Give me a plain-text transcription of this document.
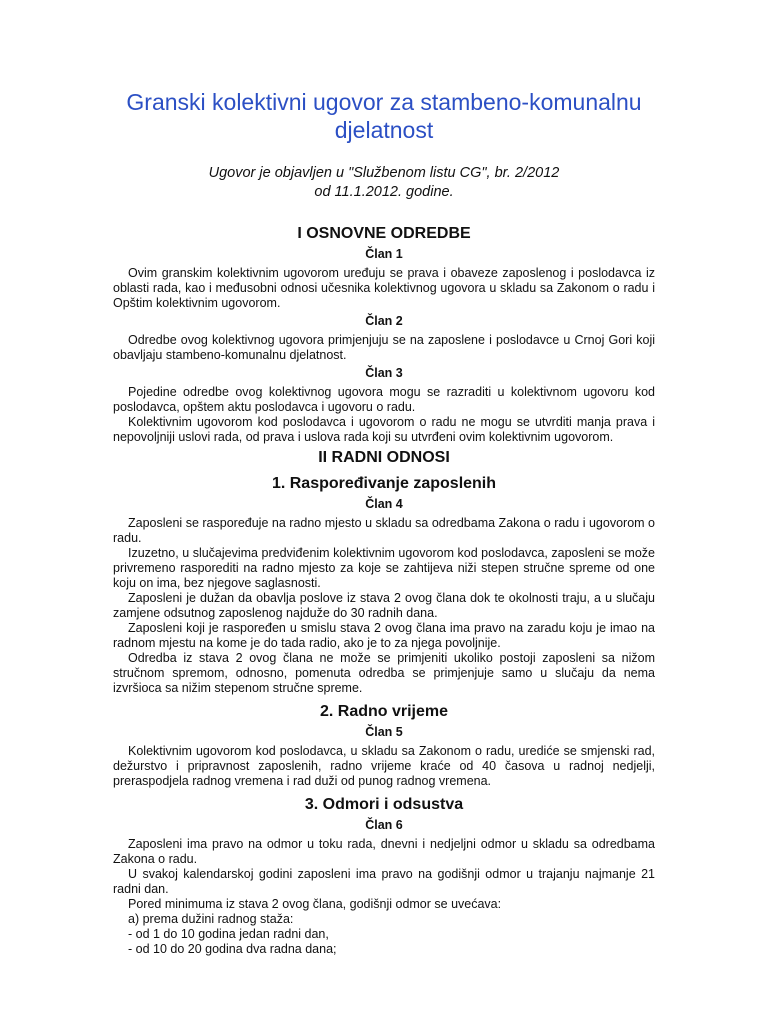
Granski kolektivni ugovor za stambeno-komunalnu djelatnost
Ugovor je objavljen u "Službenom listu CG", br. 2/2012
od 11.1.2012. godine.
I OSNOVNE ODREDBE
Član 1

Ovim granskim kolektivnim ugovorom uređuju se prava i obaveze zaposlenog i poslodavca iz oblasti rada, kao i međusobni odnosi učesnika kolektivnog ugovora u skladu sa Zakonom o radu i Opštim kolektivnim ugovorom.

Član 2

Odredbe ovog kolektivnog ugovora primjenjuju se na zaposlene i poslodavce u Crnoj Gori koji obavljaju stambeno-komunalnu djelatnost.

Član 3

Pojedine odredbe ovog kolektivnog ugovora mogu se razraditi u kolektivnom ugovoru kod poslodavca, opštem aktu poslodavca i ugovoru o radu.

Kolektivnim ugovorom kod poslodavca i ugovorom o radu ne mogu se utvrditi manja prava i nepovoljniji uslovi rada, od prava i uslova rada koji su utvrđeni ovim kolektivnim ugovorom.

II RADNI ODNOSI
1. Raspoređivanje zaposlenih
Član 4

Zaposleni se raspoređuje na radno mjesto u skladu sa odredbama Zakona o radu i ugovorom o radu.

Izuzetno, u slučajevima predviđenim kolektivnim ugovorom kod poslodavca, zaposleni se može privremeno rasporediti na radno mjesto za koje se zahtijeva niži stepen stručne spreme od one koju on ima, bez njegove saglasnosti.

Zaposleni je dužan da obavlja poslove iz stava 2 ovog člana dok te okolnosti traju, a u slučaju zamjene odsutnog zaposlenog najduže do 30 radnih dana.

Zaposleni koji je raspoređen u smislu stava 2 ovog člana ima pravo na zaradu koju je imao na radnom mjestu na kome je do tada radio, ako je to za njega povoljnije.

Odredba iz stava 2 ovog člana ne može se primjeniti ukoliko postoji zaposleni sa nižom stručnom spremom, odnosno, pomenuta odredba se primjenjuje samo u slučaju da nema izvršioca sa nižim stepenom stručne spreme.

2. Radno vrijeme
Član 5

Kolektivnim ugovorom kod poslodavca, u skladu sa Zakonom o radu, urediće se smjenski rad, dežurstvo i pripravnost zaposlenih, radno vrijeme kraće od 40 časova u radnoj nedjelji, preraspodjela radnog vremena i rad duži od punog radnog vremena.

3. Odmori i odsustva
Član 6

Zaposleni ima pravo na odmor u toku rada, dnevni i nedjeljni odmor u skladu sa odredbama Zakona o radu.

U svakoj kalendarskoj godini zaposleni ima pravo na godišnji odmor u trajanju najmanje 21 radni dan.

Pored minimuma iz stava 2 ovog člana, godišnji odmor se uvećava:

a) prema dužini radnog staža:

- od 1 do 10 godina jedan radni dan,

- od 10 do 20 godina dva radna dana;
